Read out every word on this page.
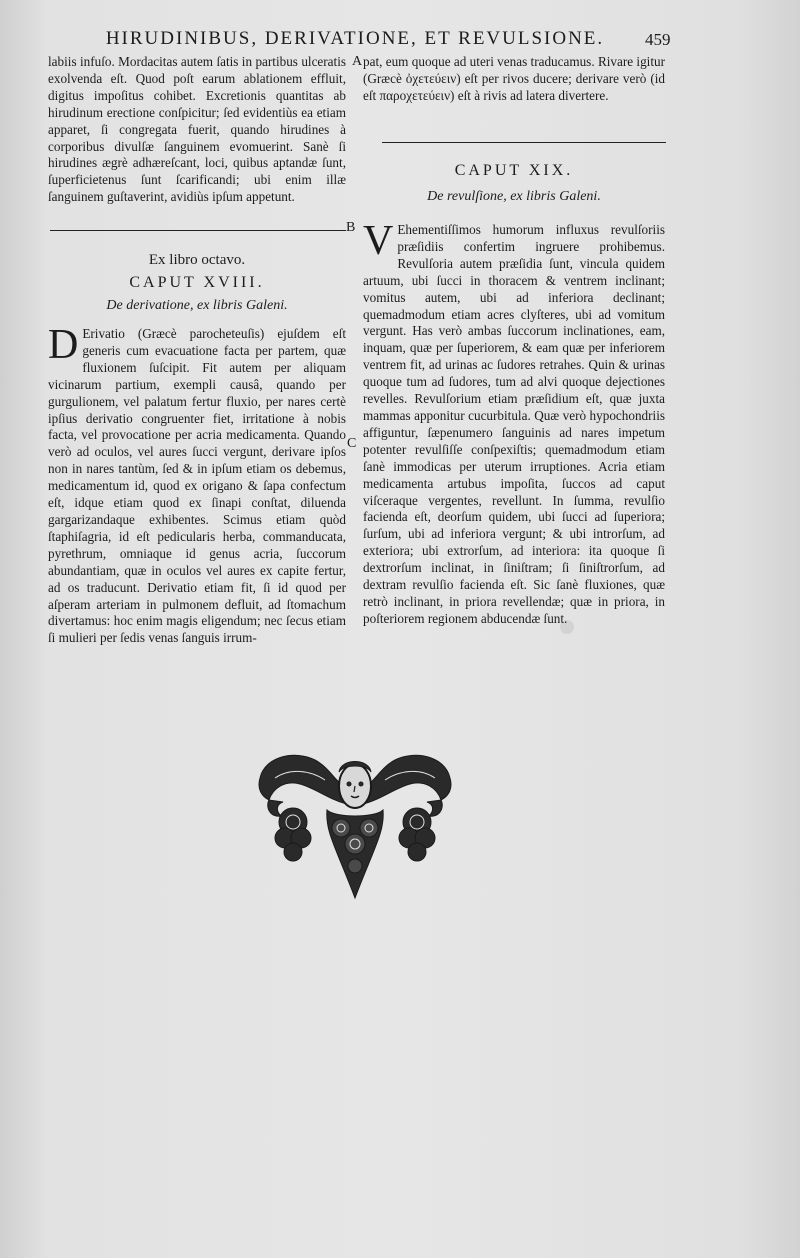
HIRUDINIBUS, DERIVATIONE, ET REVULSIONE.	459

labiis infuſo. Mordacitas autem ſatis in partibus ulceratis exolvenda eſt. Quod poſt earum ablationem effluit, digitus impoſitus cohibet. Excretionis quantitas ab hirudinum erectione conſpicitur; ſed evidentiùs ea etiam apparet, ſi congregata fuerit, quando hirudines à corporibus divulſæ ſanguinem evomuerint. Sanè ſi hirudines ægrè adhæreſcant, loci, quibus aptandæ ſunt, ſuperficietenus ſunt ſcarificandi; ubi enim illæ ſanguinem guſtaverint, avidiùs ipſum appetunt.

A pat, eum quoque ad uteri venas traducamus. Rivare igitur (Græcè ὀχετεύειν) eſt per rivos ducere; derivare verò (id eſt παροχετεύειν) eſt à rivis ad latera divertere.

CAPUT XIX.
De revulſione, ex libris Galeni.
B
Ex libro octavo.
CAPUT XVIII.
De derivatione, ex libris Galeni.
D Erivatio (Græcè parocheteuſis) ejuſdem eſt generis cum evacuatione facta per partem, quæ fluxionem ſuſcipit. Fit autem per aliquam vicinarum partium, exempli causâ, quando per gurgulionem, vel palatum fertur fluxio, per nares certè ipſius derivatio congruenter fiet, irritatione à nobis facta, vel provocatione per acria medicamenta. Quando verò ad oculos, vel aures ſucci vergunt, derivare ipſos non in nares tantùm, ſed & in ipſum etiam os debemus, medicamentum id, quod ex origano & ſapa confectum eſt, idque etiam quod ex ſinapi conſtat, diluenda gargarizandaque exhibentes. Scimus etiam quòd ſtaphiſagria, id eſt pedicularis herba, commanducata, pyrethrum, omniaque id genus acria, ſuccorum abundantiam, quæ in oculos vel aures ex capite fertur, ad os traducunt. Derivatio etiam fit, ſi id quod per aſperam arteriam in pulmonem defluit, ad ſtomachum divertamus: hoc enim magis eligendum; nec ſecus etiam ſi mulieri per ſedis venas ſanguis irrum-

V Ehementiſſimos humorum influxus revulſoriis præſidiis confertim ingruere prohibemus. Revulſoria autem præſidia ſunt, vincula quidem artuum, ubi ſucci in thoracem & ventrem inclinant; vomitus autem, ubi ad inferiora declinant; quemadmodum etiam acres clyſteres, ubi ad vomitum vergunt. Has verò ambas ſuccorum inclinationes, eam, inquam, quæ per ſuperiorem, & eam quæ per inferiorem ventrem fit, ad urinas ac ſudores retrahes. Quin & urinas quoque tum ad ſudores, tum ad alvi quoque dejectiones revelles. Revulſorium etiam præſidium eſt, quæ juxta mammas apponitur cucurbitula. Quæ verò hypochondriis affiguntur, ſæpenumero ſanguinis ad nares impetum potenter revulſiſſe conſpexiſtis; quemadmodum etiam ſanè immodicas per uterum irruptiones. Acria etiam medicamenta artubus impoſita, ſuccos ad caput viſceraque vergentes, revellunt. In ſumma, revulſio facienda eſt, deorſum quidem, ubi ſucci ad ſuperiora; ſurſum, ubi ad inferiora vergunt; & ubi introrſum, ad exteriora; ubi extrorſum, ad interiora: ita quoque ſi dextrorſum inclinat, in ſiniſtram; ſi ſiniſtrorſum, ad dextram revulſio facienda eſt. Sic ſanè fluxiones, quæ retrò inclinant, in priora revellendæ; quæ in priora, in poſteriorem regionem abducendæ ſunt.

C
